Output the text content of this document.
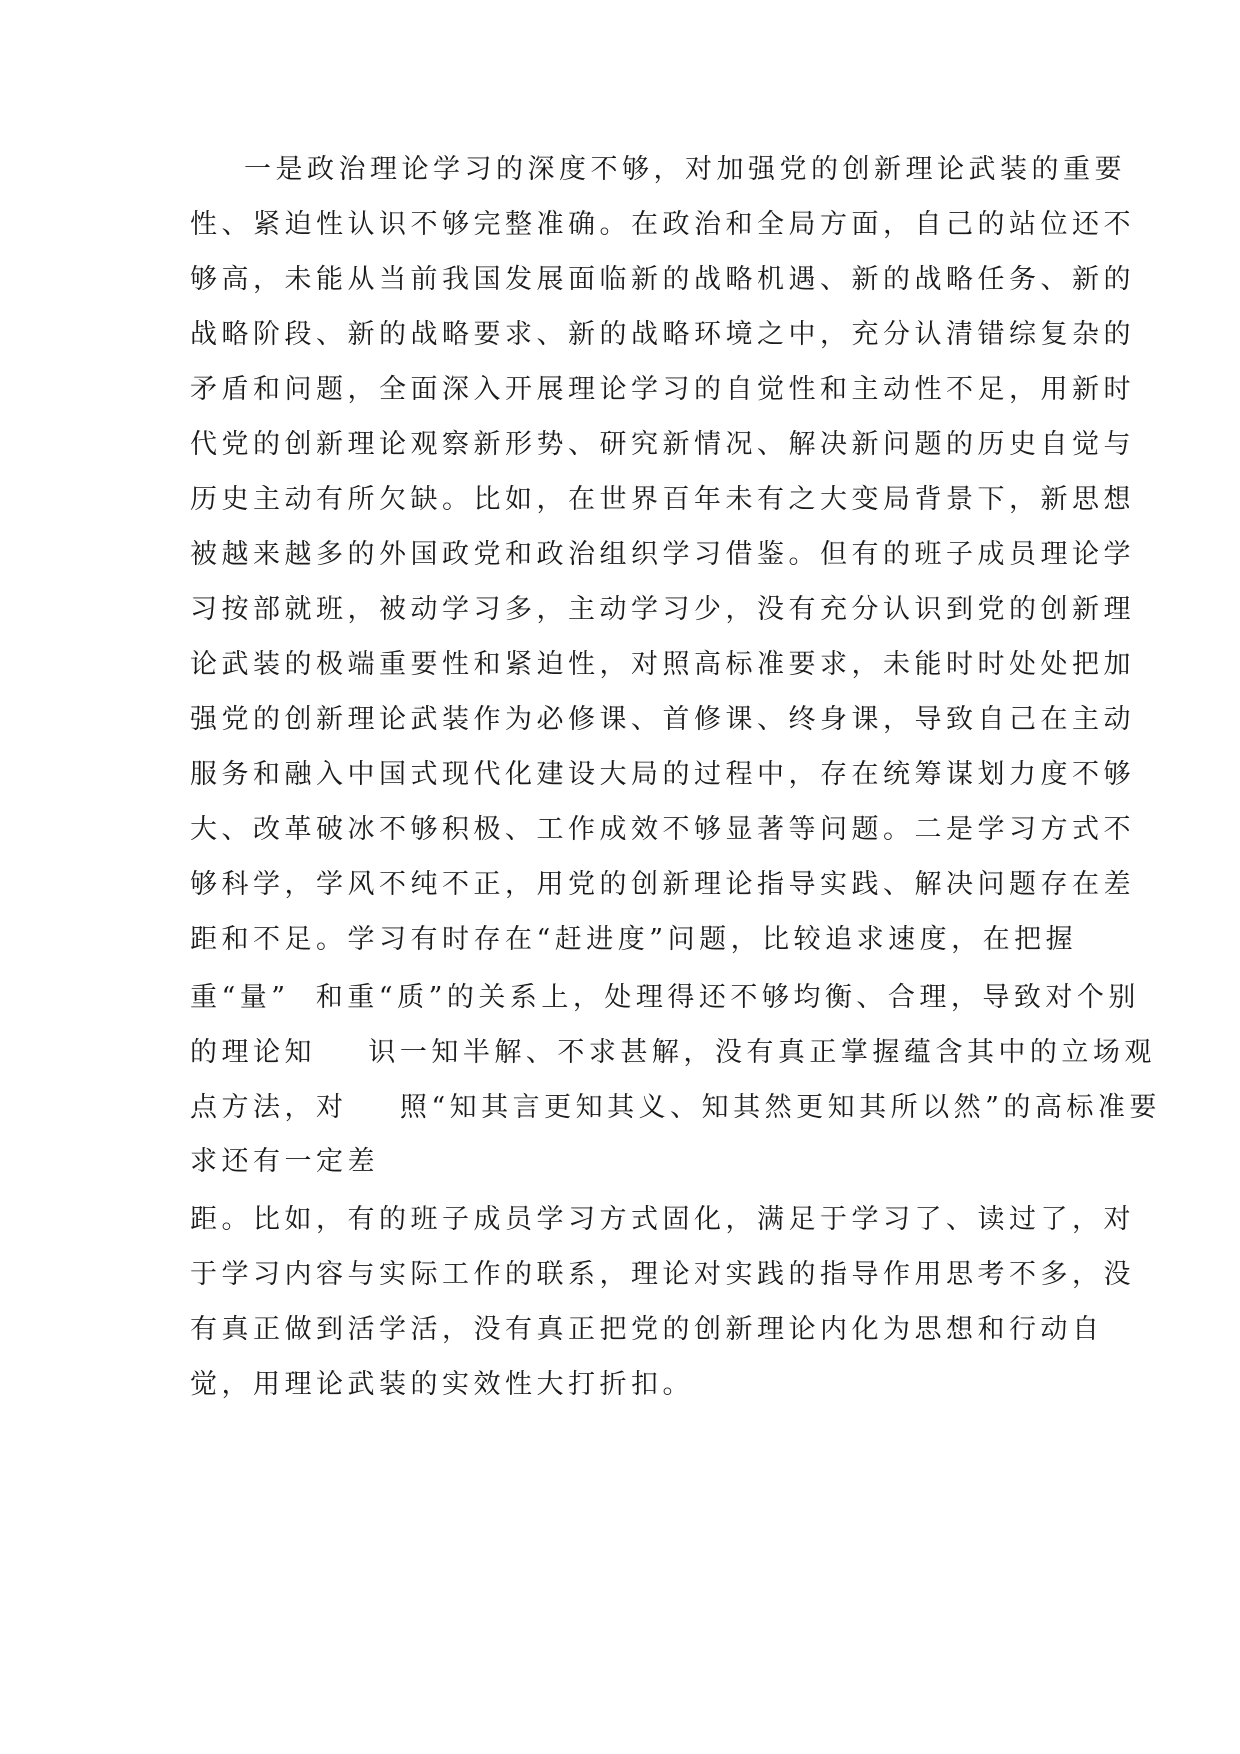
一是政治理论学习的深度不够，对加强党的创新理论武装的重要
性、紧迫性认识不够完整准确。在政治和全局方面，自己的站位还不
够高，未能从当前我国发展面临新的战略机遇、新的战略任务、新的
战略阶段、新的战略要求、新的战略环境之中，充分认清错综复杂的
矛盾和问题，全面深入开展理论学习的自觉性和主动性不足，用新时
代党的创新理论观察新形势、研究新情况、解决新问题的历史自觉与
历史主动有所欠缺。比如，在世界百年未有之大变局背景下，新思想
被越来越多的外国政党和政治组织学习借鉴。但有的班子成员理论学
习按部就班，被动学习多，主动学习少，没有充分认识到党的创新理
论武装的极端重要性和紧迫性，对照高标准要求，未能时时处处把加
强党的创新理论武装作为必修课、首修课、终身课，导致自己在主动
服务和融入中国式现代化建设大局的过程中，存在统筹谋划力度不够
大、改革破冰不够积极、工作成效不够显著等问题。二是学习方式不
够科学，学风不纯不正，用党的创新理论指导实践、解决问题存在差
距和不足。学习有时存在“赶进度”问题，比较追求速度，在把握
重“量”  和重“质”的关系上，处理得还不够均衡、合理，导致对个别
的理论知    识一知半解、不求甚解，没有真正掌握蕴含其中的立场观
点方法，对    照“知其言更知其义、知其然更知其所以然”的高标准要
求还有一定差
距。比如，有的班子成员学习方式固化，满足于学习了、读过了，对
于学习内容与实际工作的联系，理论对实践的指导作用思考不多，没
有真正做到活学活，没有真正把党的创新理论内化为思想和行动自
觉，用理论武装的实效性大打折扣。
